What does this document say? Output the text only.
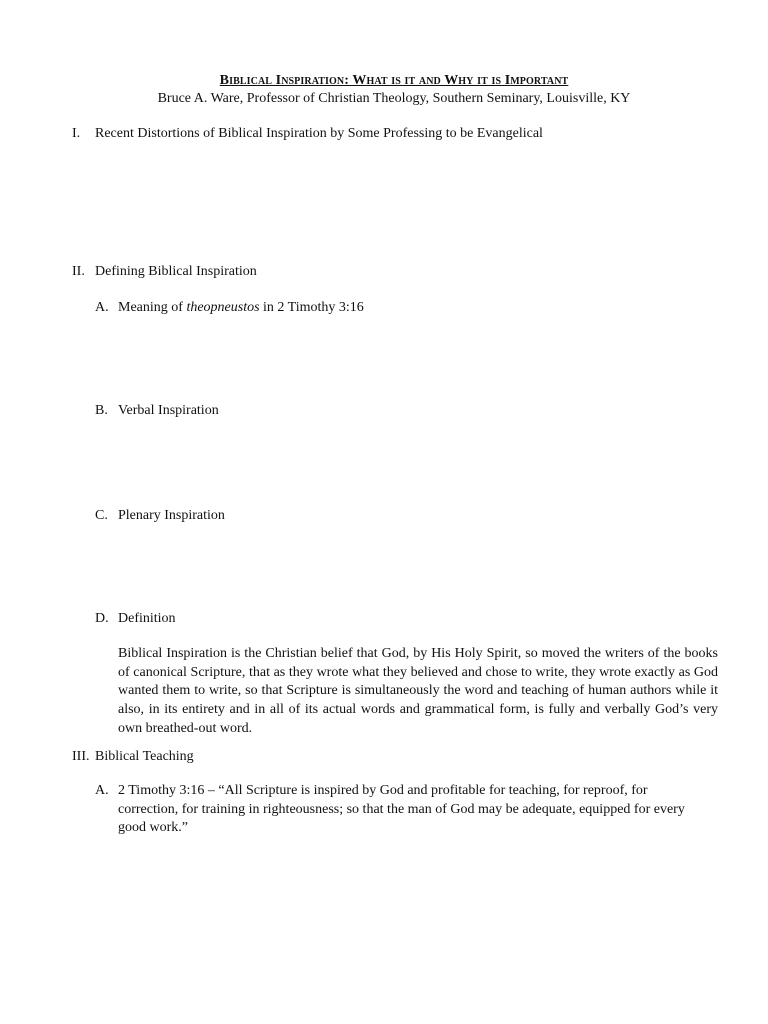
Biblical Inspiration: What is it and Why it is Important
Bruce A. Ware, Professor of Christian Theology, Southern Seminary, Louisville, KY
I. Recent Distortions of Biblical Inspiration by Some Professing to be Evangelical
II. Defining Biblical Inspiration
A. Meaning of theopneustos in 2 Timothy 3:16
B. Verbal Inspiration
C. Plenary Inspiration
D. Definition
Biblical Inspiration is the Christian belief that God, by His Holy Spirit, so moved the writers of the books of canonical Scripture, that as they wrote what they believed and chose to write, they wrote exactly as God wanted them to write, so that Scripture is simultaneously the word and teaching of human authors while it also, in its entirety and in all of its actual words and grammatical form, is fully and verbally God’s very own breathed-out word.
III. Biblical Teaching
A. 2 Timothy 3:16 – “All Scripture is inspired by God and profitable for teaching, for reproof, for correction, for training in righteousness; so that the man of God may be adequate, equipped for every good work.”
